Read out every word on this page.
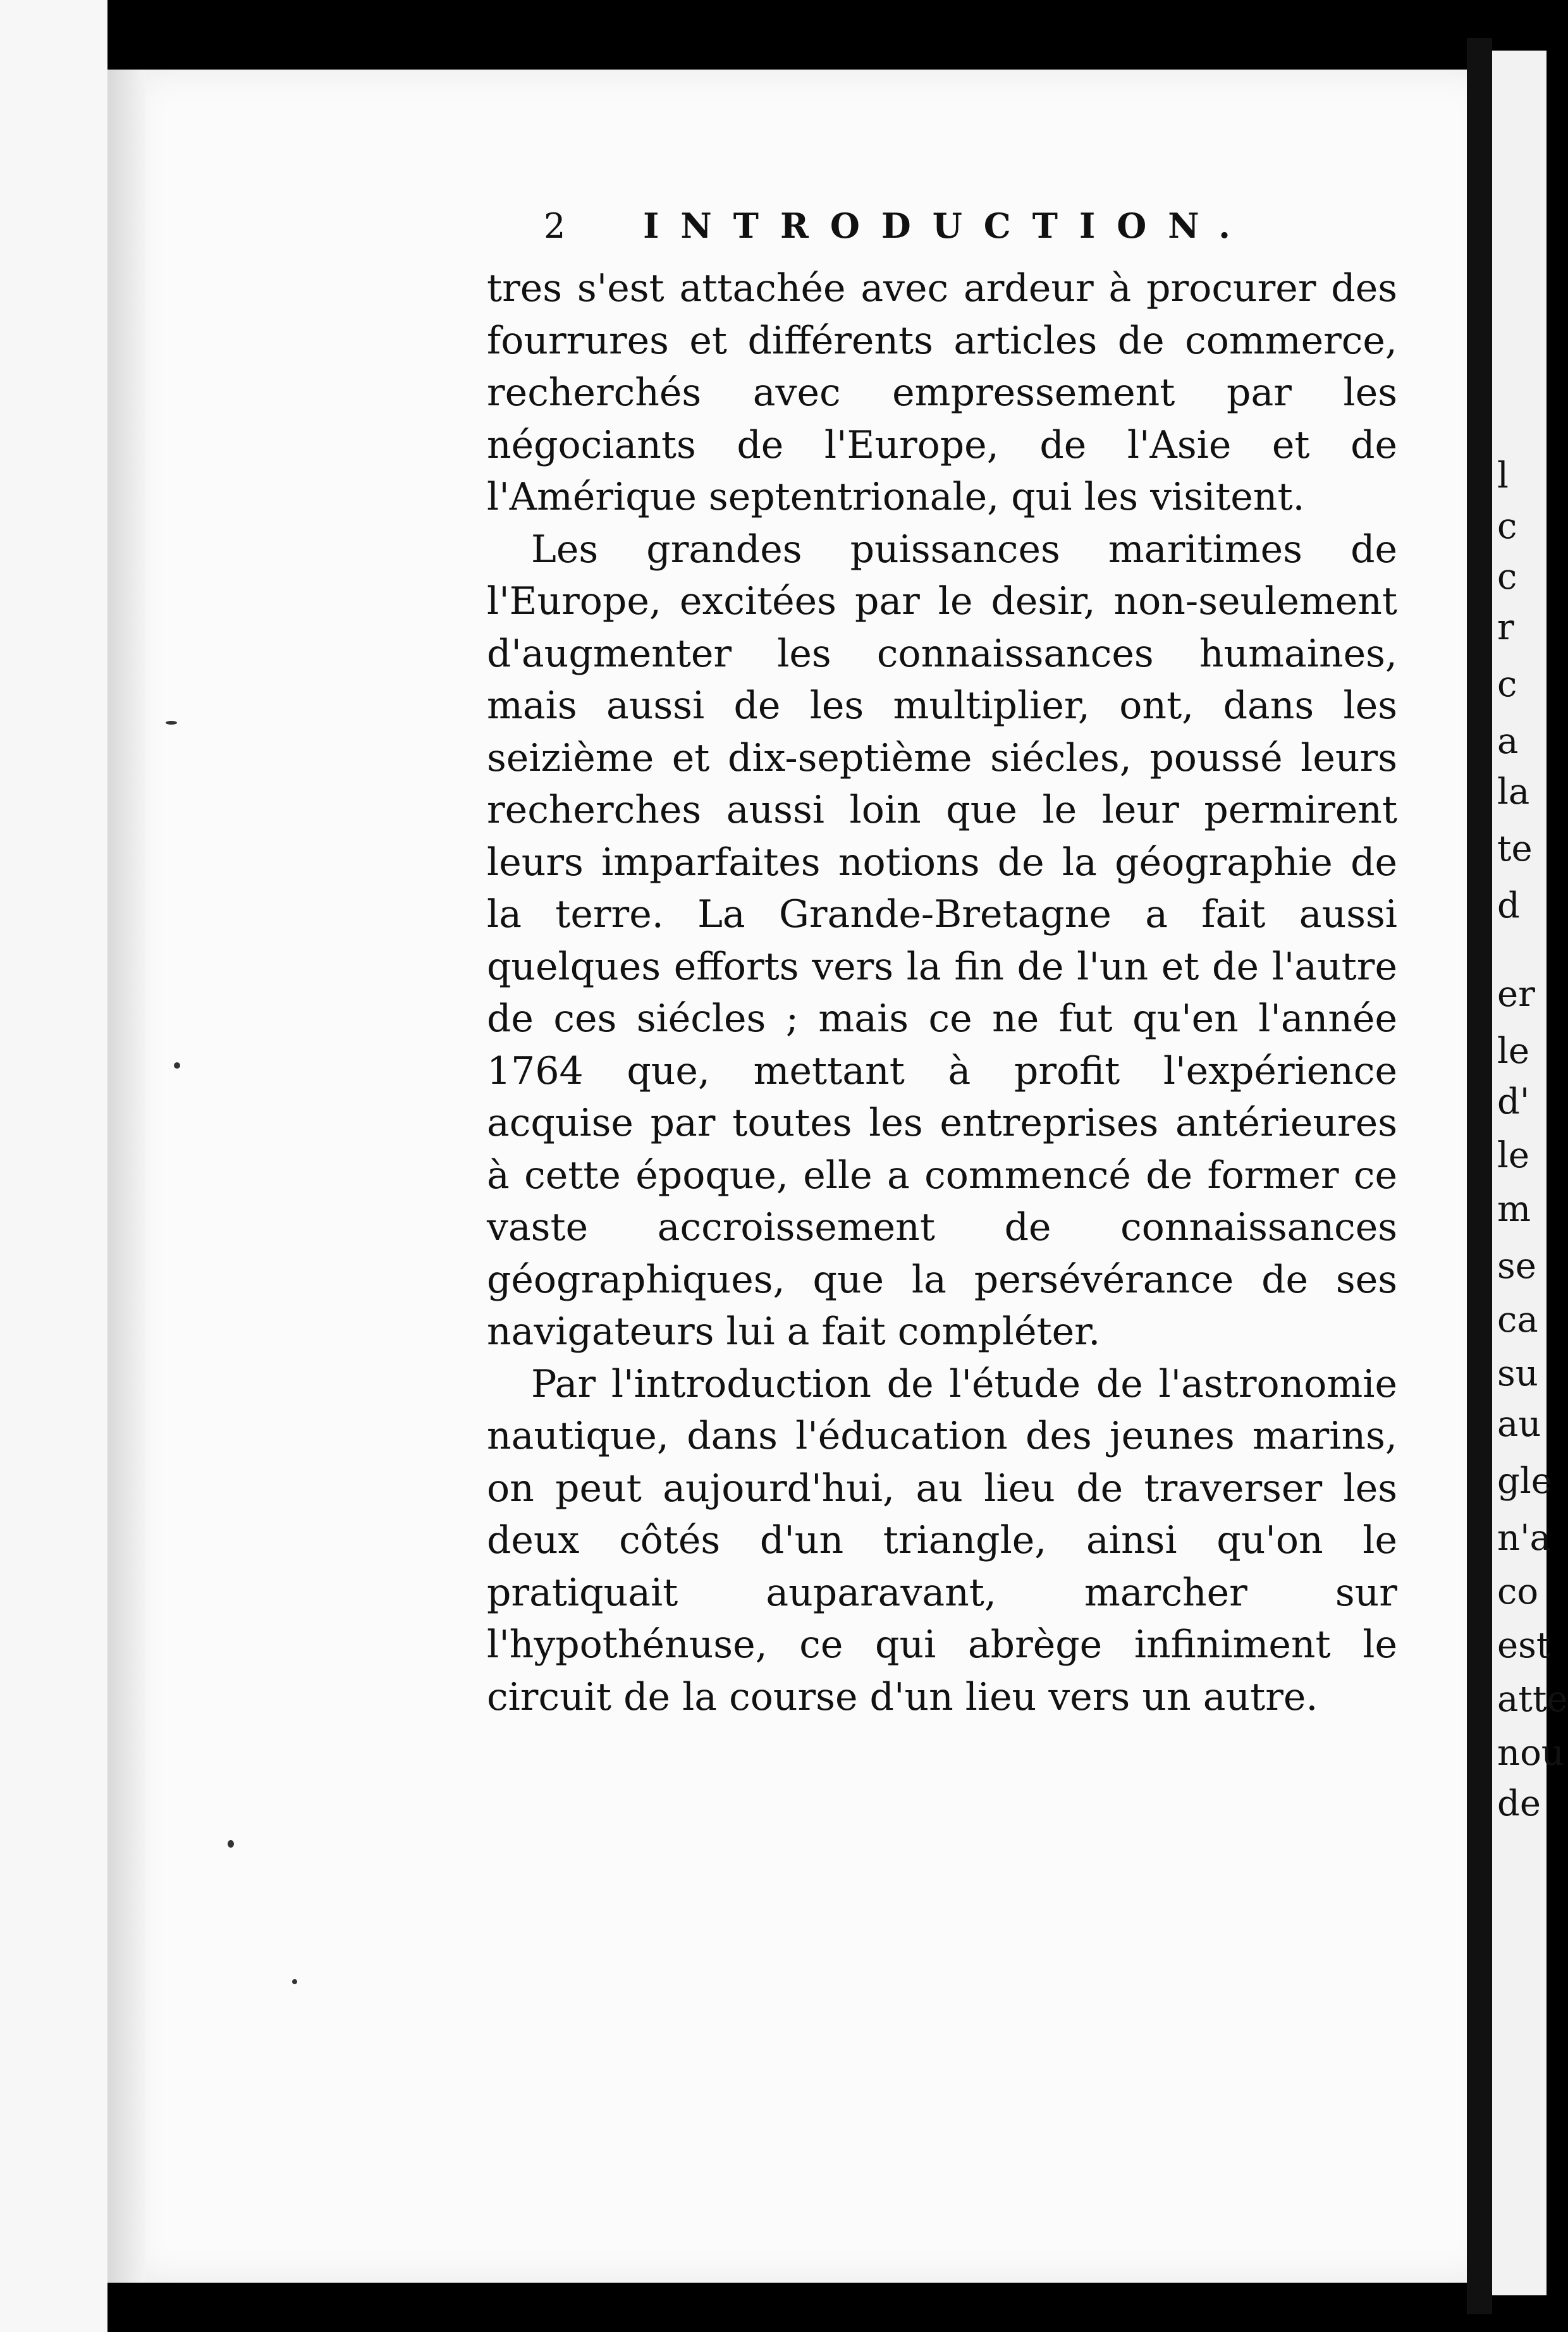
l
c
c
r
c
a
la
te
d
er
le
d'
le
m
se
ca
su
au
gle
n'a
co
est
atte
nou
de
2 INTRODUCTION.

tres s'est attachée avec ardeur à procurer des fourrures et différents articles de commerce, recherchés avec empressement par les négociants de l'Europe, de l'Asie et de l'Amérique septentrionale, qui les visitent.

Les grandes puissances maritimes de l'Europe, excitées par le desir, non-seulement d'augmenter les connaissances humaines, mais aussi de les multiplier, ont, dans les seizième et dix-septième siécles, poussé leurs recherches aussi loin que le leur permirent leurs imparfaites notions de la géographie de la terre. La Grande-Bretagne a fait aussi quelques efforts vers la fin de l'un et de l'autre de ces siécles ; mais ce ne fut qu'en l'année 1764 que, mettant à profit l'expérience acquise par toutes les entreprises antérieures à cette époque, elle a commencé de former ce vaste accroissement de connaissances géographiques, que la persévérance de ses navigateurs lui a fait compléter.

Par l'introduction de l'étude de l'astronomie nautique, dans l'éducation des jeunes marins, on peut aujourd'hui, au lieu de traverser les deux côtés d'un triangle, ainsi qu'on le pratiquait auparavant, marcher sur l'hypothénuse, ce qui abrège infiniment le circuit de la course d'un lieu vers un autre.
